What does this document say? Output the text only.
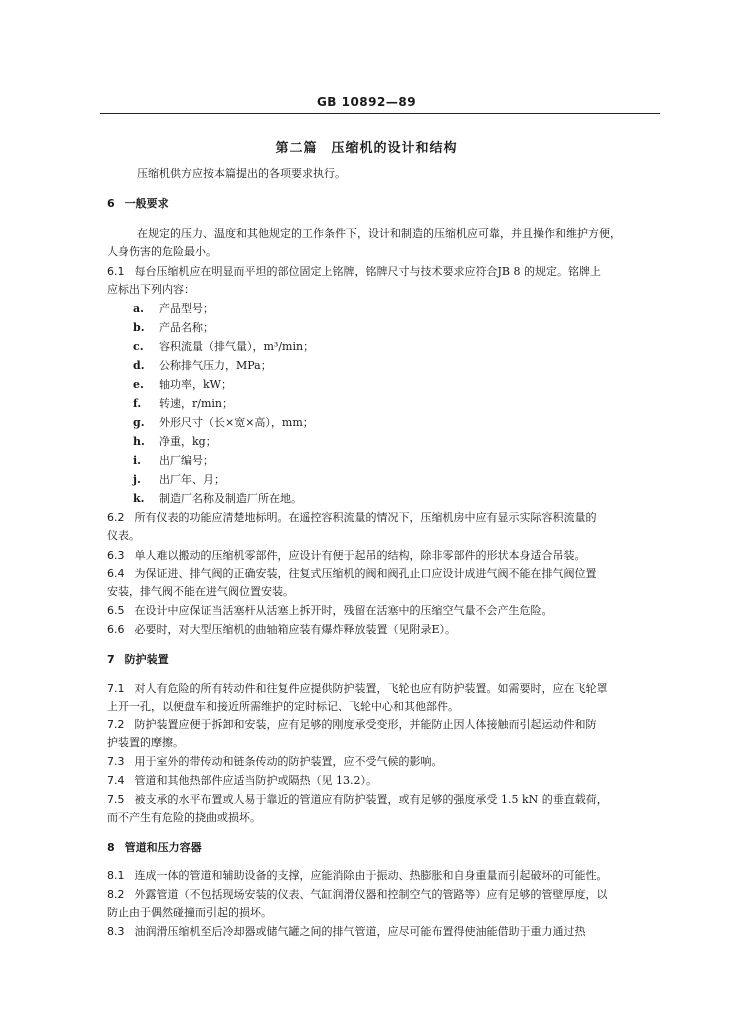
GB 10892—89
第二篇　压缩机的设计和结构
压缩机供方应按本篇提出的各项要求执行。
6 一般要求
在规定的压力、温度和其他规定的工作条件下，设计和制造的压缩机应可靠，并且操作和维护方便，
人身伤害的危险最小。
6.1 每台压缩机应在明显而平坦的部位固定上铭牌，铭牌尺寸与技术要求应符合JB 8 的规定。铭牌上
应标出下列内容：
a. 产品型号；
b. 产品名称；
c. 容积流量（排气量），m³/min；
d. 公称排气压力，MPa；
e. 轴功率，kW；
f. 转速，r/min；
g. 外形尺寸（长×宽×高），mm；
h. 净重，kg；
i. 出厂编号；
j. 出厂年、月；
k. 制造厂名称及制造厂所在地。
6.2 所有仪表的功能应清楚地标明。在遥控容积流量的情况下，压缩机房中应有显示实际容积流量的
仪表。
6.3 单人难以搬动的压缩机零部件，应设计有便于起吊的结构，除非零部件的形状本身适合吊装。
6.4 为保证进、排气阀的正确安装，往复式压缩机的阀和阀孔止口应设计成进气阀不能在排气阀位置
安装，排气阀不能在进气阀位置安装。
6.5 在设计中应保证当活塞杆从活塞上拆开时，残留在活塞中的压缩空气量不会产生危险。
6.6 必要时，对大型压缩机的曲轴箱应装有爆炸释放装置（见附录E）。
7 防护装置
7.1 对人有危险的所有转动件和往复件应提供防护装置，飞轮也应有防护装置。如需要时，应在飞轮罩
上开一孔，以便盘车和接近所需维护的定时标记、飞轮中心和其他部件。
7.2 防护装置应便于拆卸和安装，应有足够的刚度承受变形，并能防止因人体接触而引起运动件和防
护装置的摩擦。
7.3 用于室外的带传动和链条传动的防护装置，应不受气候的影响。
7.4 管道和其他热部件应适当防护或隔热（见 13.2）。
7.5 被支承的水平布置或人易于靠近的管道应有防护装置，或有足够的强度承受 1.5 kN 的垂直载荷，
而不产生有危险的挠曲或损坏。
8 管道和压力容器
8.1 连成一体的管道和辅助设备的支撑，应能消除由于振动、热膨胀和自身重量而引起破坏的可能性。
8.2 外露管道（不包括现场安装的仪表、气缸润滑仪器和控制空气的管路等）应有足够的管壁厚度，以
防止由于偶然碰撞而引起的损坏。
8.3 油润滑压缩机至后冷却器或储气罐之间的排气管道，应尽可能布置得使油能借助于重力通过热
